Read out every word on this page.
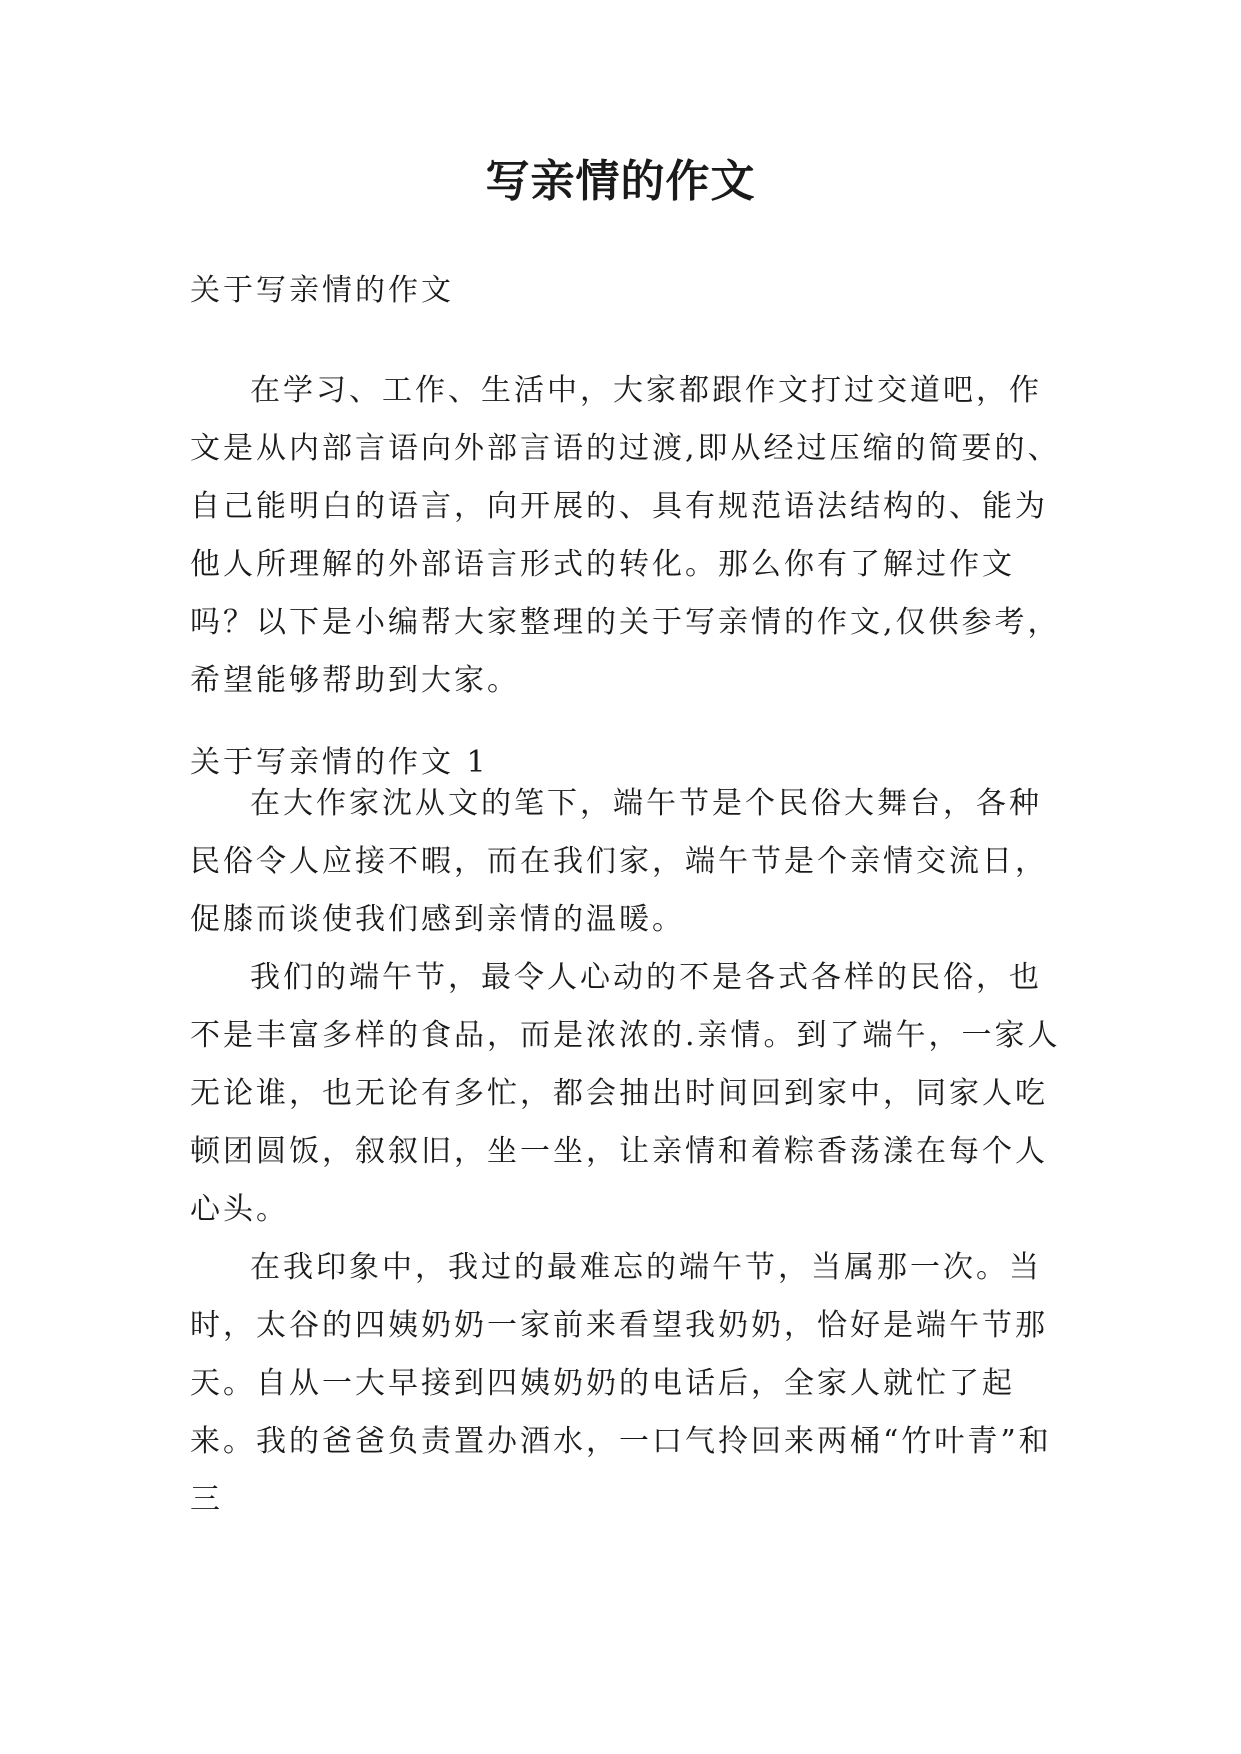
写亲情的作文

关于写亲情的作文

在学习、工作、生活中，大家都跟作文打过交道吧，作文是从内部言语向外部言语的过渡,即从经过压缩的简要的、自己能明白的语言，向开展的、具有规范语法结构的、能为他人所理解的外部语言形式的转化。那么你有了解过作文吗？以下是小编帮大家整理的关于写亲情的作文,仅供参考，希望能够帮助到大家。

关于写亲情的作文 1

在大作家沈从文的笔下，端午节是个民俗大舞台，各种民俗令人应接不暇，而在我们家，端午节是个亲情交流日，促膝而谈使我们感到亲情的温暖。

我们的端午节，最令人心动的不是各式各样的民俗，也不是丰富多样的食品，而是浓浓的.亲情。到了端午，一家人无论谁，也无论有多忙，都会抽出时间回到家中，同家人吃顿团圆饭，叙叙旧，坐一坐，让亲情和着粽香荡漾在每个人心头。

在我印象中，我过的最难忘的端午节，当属那一次。当时，太谷的四姨奶奶一家前来看望我奶奶，恰好是端午节那天。自从一大早接到四姨奶奶的电话后，全家人就忙了起来。我的爸爸负责置办酒水，一口气拎回来两桶“竹叶青”和三
